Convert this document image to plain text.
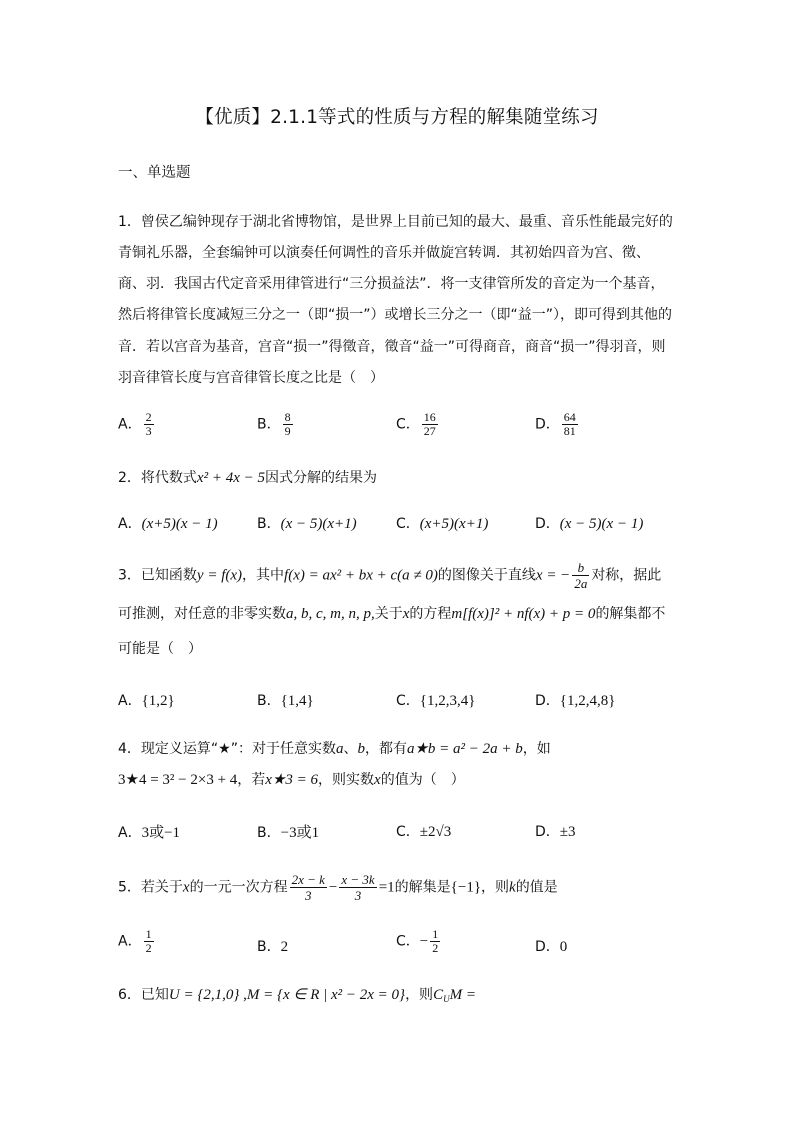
【优质】2.1.1等式的性质与方程的解集随堂练习
一、单选题
1．曾侯乙编钟现存于湖北省博物馆，是世界上目前已知的最大、最重、音乐性能最完好的
青铜礼乐器，全套编钟可以演奏任何调性的音乐并做旋宫转调．其初始四音为宫、徵、
商、羽．我国古代定音采用律管进行“三分损益法”．将一支律管所发的音定为一个基音，
然后将律管长度减短三分之一（即“损一”）或增长三分之一（即“益一”），即可得到其他的
音．若以宫音为基音，宫音“损一”得徵音，徵音“益一”可得商音，商音“损一”得羽音，则
羽音律管长度与宫音律管长度之比是（　）
A． $\frac{2}{3}$	B． $\frac{8}{9}$	C． $\frac{16}{27}$	D． $\frac{64}{81}$
2．将代数式x² + 4x − 5因式分解的结果为
A．(x+5)(x − 1)	B．(x − 5)(x+1)	C．(x+5)(x+1)	D．(x − 5)(x − 1)
3．已知函数y = f(x)，其中f(x) = ax² + bx + c(a ≠ 0)的图像关于直线x = − $\frac{b}{2a}$ 对称，据此
可推测，对任意的非零实数a, b, c, m, n, p,关于x的方程m[f(x)]² + nf(x) + p = 0的解集都不
可能是（　）
A．{1,2}	B．{1,4}	C．{1,2,3,4}	D．{1,2,4,8}
4．现定义运算“★”：对于任意实数a、b，都有a★b = a² − 2a + b，如
3★4 = 3² − 2×3 + 4，若x★3 = 6，则实数x的值为（　）
A．3或−1	B．−3或1	C．±2√3	D．±3
5．若关于x的一元一次方程 $\frac{2x - k}{3} - \frac{x - 3k}{3} =1$的解集是{−1}，则k的值是
A． $\frac{1}{2}$	B．2	C．− $\frac{1}{2}$	D．0
6．已知U = {2,1,0} ,M = {x ∈ R | x² − 2x = 0}，则$C_UM$ =
